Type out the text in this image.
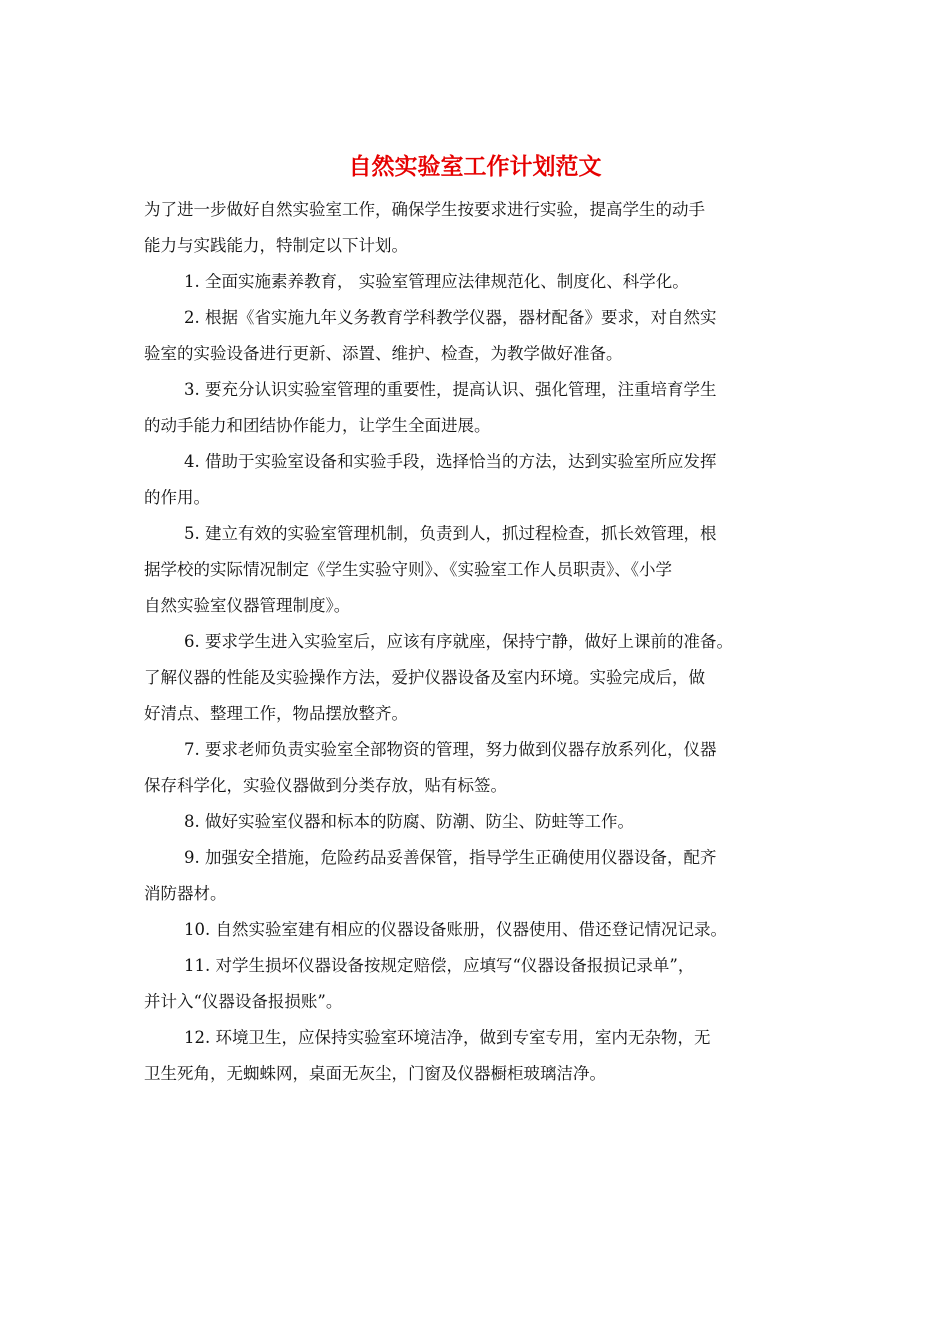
自然实验室工作计划范文
为了进一步做好自然实验室工作，确保学生按要求进行实验，提高学生的动手
能力与实践能力，特制定以下计划。
1. 全面实施素养教育， 实验室管理应法律规范化、制度化、科学化。
2. 根据《省实施九年义务教育学科教学仪器，器材配备》要求，对自然实
验室的实验设备进行更新、添置、维护、检查，为教学做好准备。
3. 要充分认识实验室管理的重要性，提高认识、强化管理，注重培育学生
的动手能力和团结协作能力，让学生全面进展。
4. 借助于实验室设备和实验手段，选择恰当的方法，达到实验室所应发挥
的作用。
5. 建立有效的实验室管理机制，负责到人，抓过程检查，抓长效管理，根
据学校的实际情况制定《学生实验守则》、《实验室工作人员职责》、《小学
自然实验室仪器管理制度》。
6. 要求学生进入实验室后，应该有序就座，保持宁静，做好上课前的准备。
了解仪器的性能及实验操作方法，爱护仪器设备及室内环境。实验完成后，做
好清点、整理工作，物品摆放整齐。
7. 要求老师负责实验室全部物资的管理，努力做到仪器存放系列化，仪器
保存科学化，实验仪器做到分类存放，贴有标签。
8. 做好实验室仪器和标本的防腐、防潮、防尘、防蛀等工作。
9. 加强安全措施，危险药品妥善保管，指导学生正确使用仪器设备，配齐
消防器材。
10. 自然实验室建有相应的仪器设备账册，仪器使用、借还登记情况记录。
11. 对学生损坏仪器设备按规定赔偿，应填写“仪器设备报损记录单”，
并计入“仪器设备报损账”。
12. 环境卫生，应保持实验室环境洁净，做到专室专用，室内无杂物，无
卫生死角，无蜘蛛网，桌面无灰尘，门窗及仪器橱柜玻璃洁净。
